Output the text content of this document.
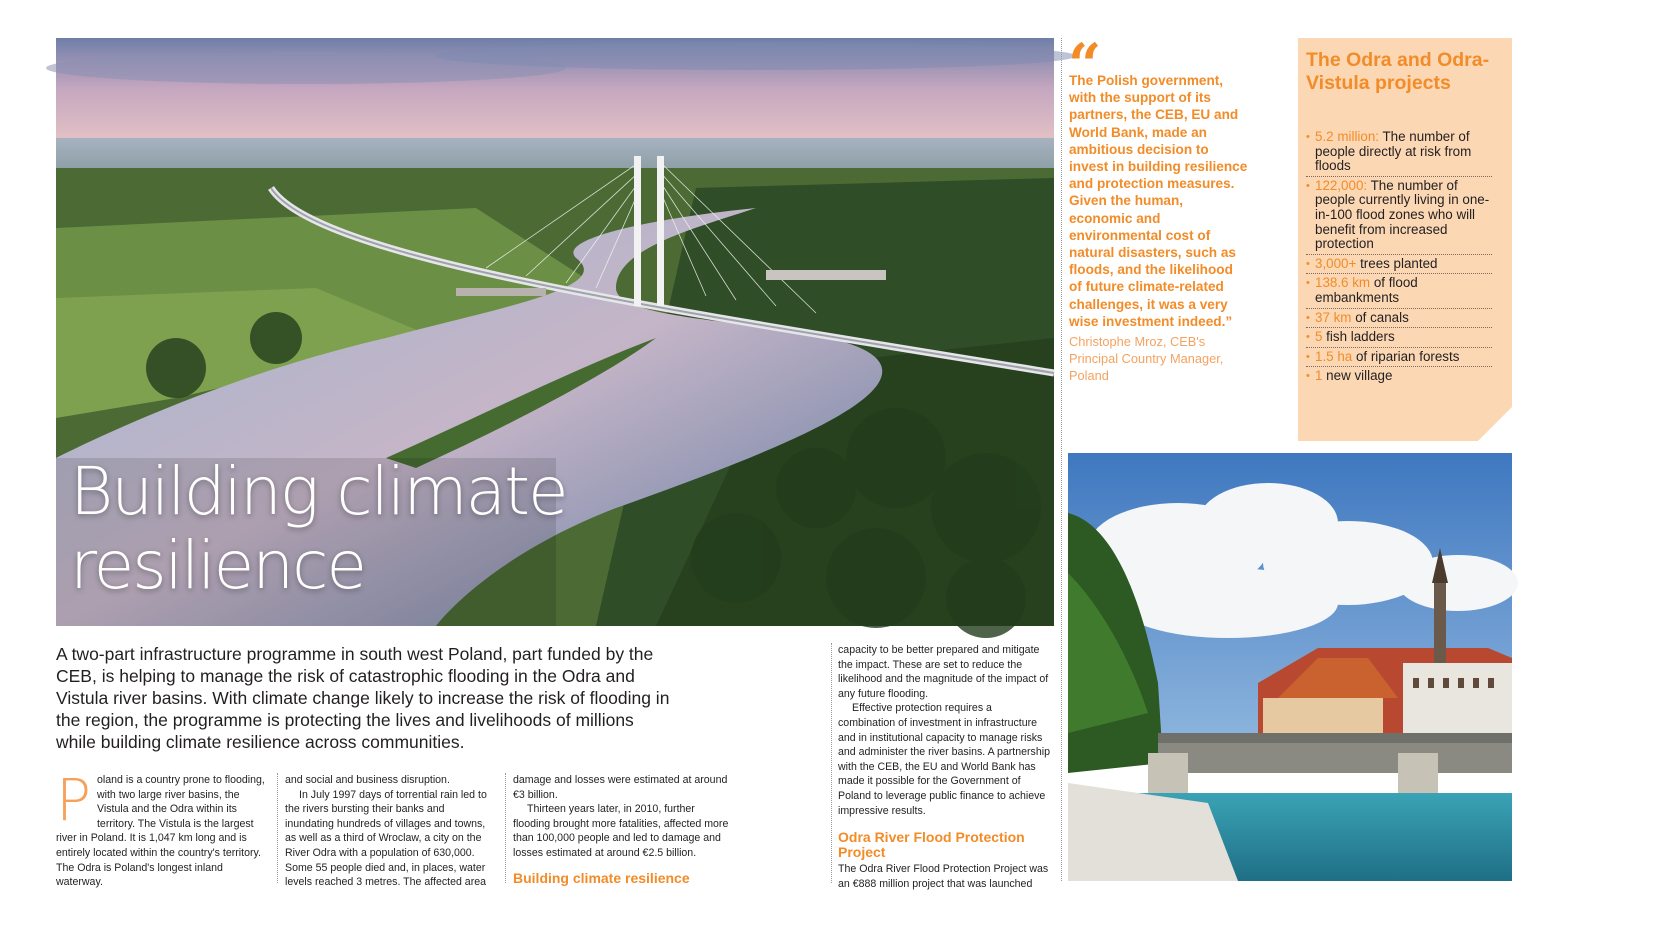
Building climate
resilience
A two-part infrastructure programme in south west Poland, part funded by the CEB, is helping to manage the risk of catastrophic flooding in the Odra and Vistula river basins. With climate change likely to increase the risk of flooding in the region, the programme is protecting the lives and livelihoods of millions while building climate resilience across communities.
P oland is a country prone to flooding, with two large river basins, the Vistula and the Odra within its territory. The Vistula is the largest river in Poland. It is 1,047 km long and is entirely located within the country's territory. The Odra is Poland's longest inland waterway.

and social and business disruption.

In July 1997 days of torrential rain led to the rivers bursting their banks and inundating hundreds of villages and towns, as well as a third of Wroclaw, a city on the River Odra with a population of 630,000. Some 55 people died and, in places, water levels reached 3 metres. The affected area

damage and losses were estimated at around €3 billion.

Thirteen years later, in 2010, further flooding brought more fatalities, affected more than 100,000 people and led to damage and losses estimated at around €2.5 billion.

Building climate resilience

capacity to be better prepared and mitigate the impact. These are set to reduce the likelihood and the magnitude of the impact of any future flooding.

Effective protection requires a combination of investment in infrastructure and in institutional capacity to manage risks and administer the river basins. A partnership with the CEB, the EU and World Bank has made it possible for the Government of Poland to leverage public finance to achieve impressive results.

Odra River Flood Protection Project

The Odra River Flood Protection Project was an €888 million project that was launched

“
The Polish government, with the support of its partners, the CEB, EU and World Bank, made an ambitious decision to invest in building resilience and protection measures. Given the human, economic and environmental cost of natural disasters, such as floods, and the likelihood of future climate-related challenges, it was a very wise investment indeed.”
Christophe Mroz, CEB's Principal Country Manager, Poland
The Odra and Odra-Vistula projects
• 5.2 million: The number of people directly at risk from floods
• 122,000: The number of people currently living in one-in-100 flood zones who will benefit from increased protection
• 3,000+ trees planted
• 138.6 km of flood embankments
• 37 km of canals
• 5 fish ladders
• 1.5 ha of riparian forests
• 1 new village
